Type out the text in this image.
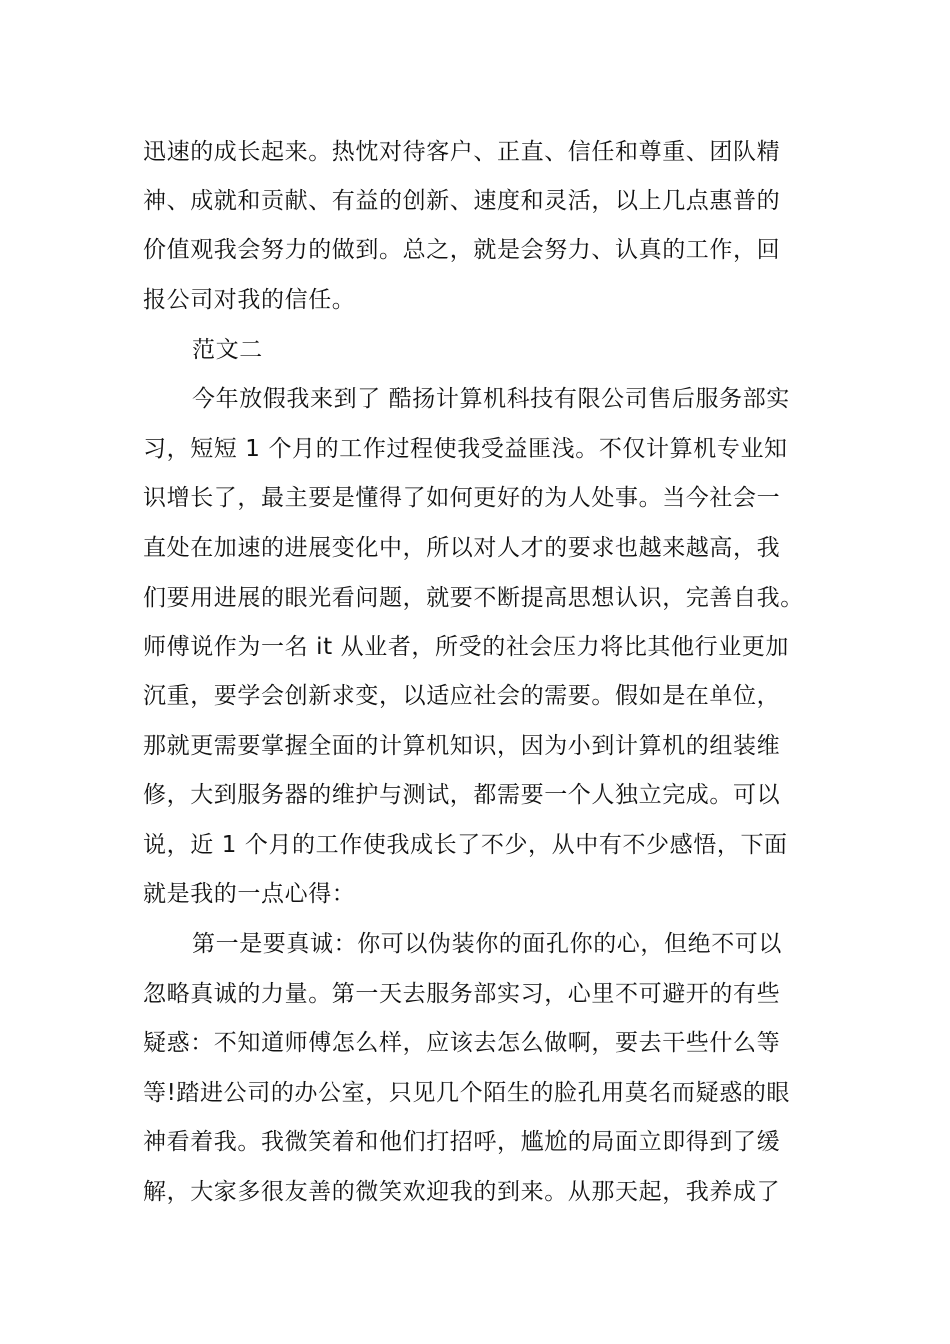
迅速的成长起来。热忱对待客户、正直、信任和尊重、团队精
神、成就和贡献、有益的创新、速度和灵活，以上几点惠普的
价值观我会努力的做到。总之，就是会努力、认真的工作，回
报公司对我的信任。
范文二
今年放假我来到了 酷扬计算机科技有限公司售后服务部实
习，短短 1 个月的工作过程使我受益匪浅。不仅计算机专业知
识增长了，最主要是懂得了如何更好的为人处事。当今社会一
直处在加速的进展变化中，所以对人才的要求也越来越高，我
们要用进展的眼光看问题，就要不断提高思想认识，完善自我。
师傅说作为一名 it 从业者，所受的社会压力将比其他行业更加
沉重，要学会创新求变，以适应社会的需要。假如是在单位，
那就更需要掌握全面的计算机知识，因为小到计算机的组装维
修，大到服务器的维护与测试，都需要一个人独立完成。可以
说，近 1 个月的工作使我成长了不少，从中有不少感悟，下面
就是我的一点心得：
第一是要真诚：你可以伪装你的面孔你的心，但绝不可以
忽略真诚的力量。第一天去服务部实习，心里不可避开的有些
疑惑：不知道师傅怎么样，应该去怎么做啊，要去干些什么等
等!踏进公司的办公室，只见几个陌生的脸孔用莫名而疑惑的眼
神看着我。我微笑着和他们打招呼，尴尬的局面立即得到了缓
解，大家多很友善的微笑欢迎我的到来。从那天起，我养成了
